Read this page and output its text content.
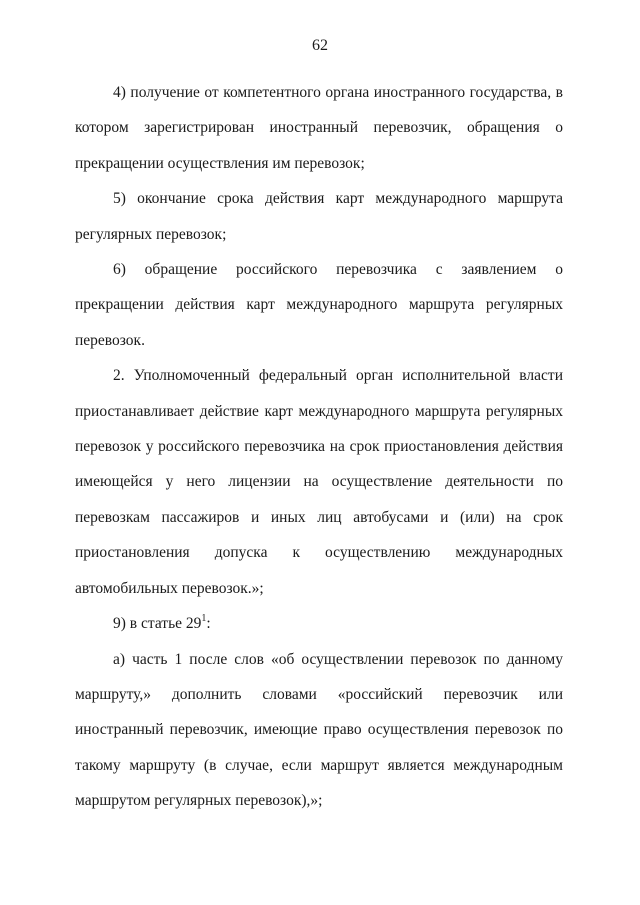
62

4) получение от компетентного органа иностранного государства, в котором зарегистрирован иностранный перевозчик, обращения о прекращении осуществления им перевозок;

5) окончание срока действия карт международного маршрута регулярных перевозок;

6) обращение российского перевозчика с заявлением о прекращении действия карт международного маршрута регулярных перевозок.

2. Уполномоченный федеральный орган исполнительной власти приостанавливает действие карт международного маршрута регулярных перевозок у российского перевозчика на срок приостановления действия имеющейся у него лицензии на осуществление деятельности по перевозкам пассажиров и иных лиц автобусами и (или) на срок приостановления допуска к осуществлению международных автомобильных перевозок.»;

9) в статье $29^1$:

а) часть 1 после слов «об осуществлении перевозок по данному маршруту,» дополнить словами «российский перевозчик или иностранный перевозчик, имеющие право осуществления перевозок по такому маршруту (в случае, если маршрут является международным маршрутом регулярных перевозок),»;
